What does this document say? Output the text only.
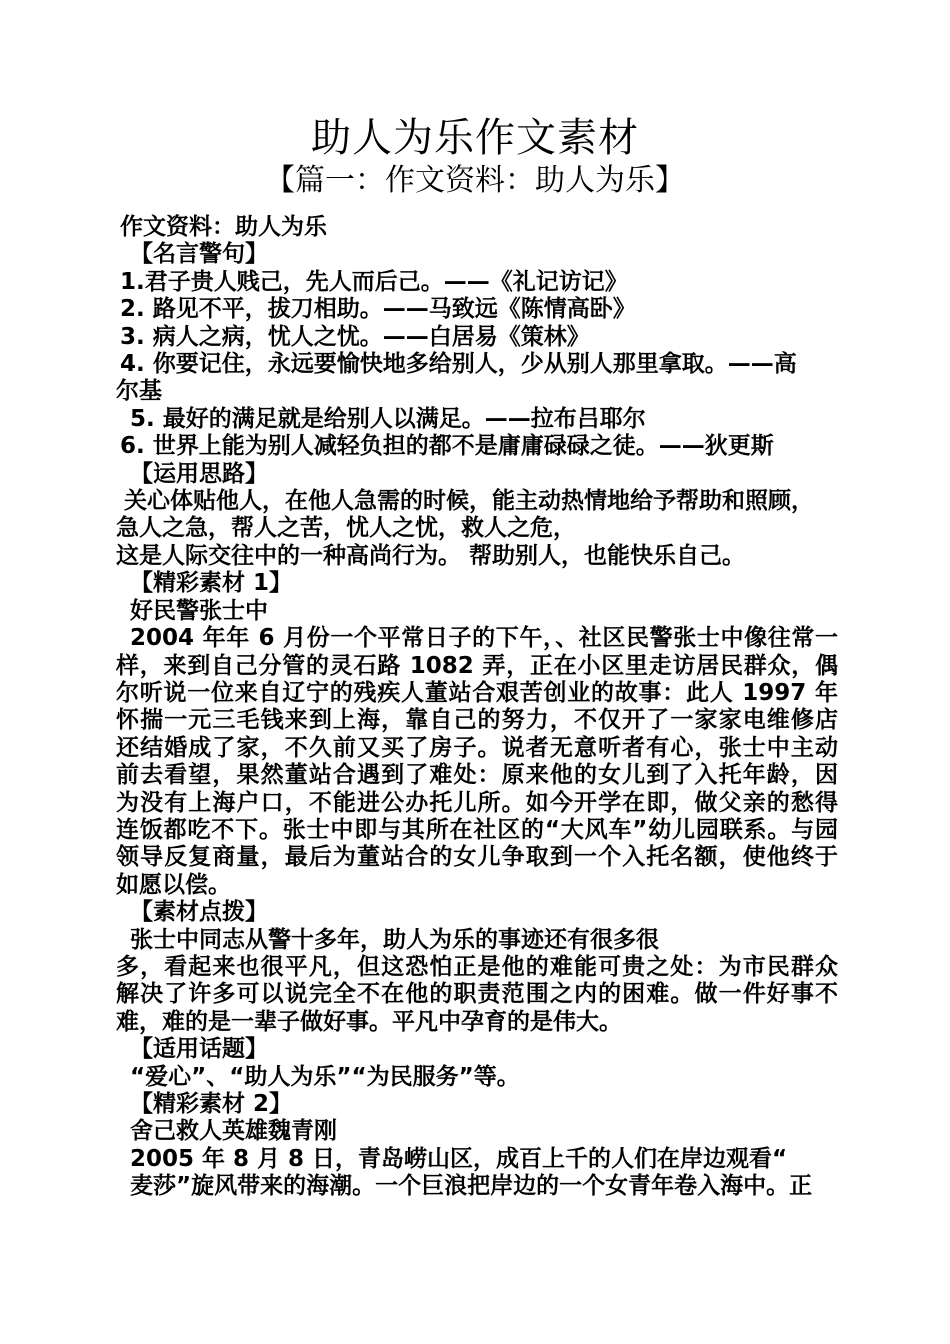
助人为乐作文素材
【篇一：作文资料：助人为乐】
作文资料：助人为乐
【名言警句】
1.君子贵人贱己，先人而后己。——《礼记访记》
2. 路见不平，拔刀相助。——马致远《陈情高卧》
3. 病人之病，忧人之忧。——白居易《策林》
4. 你要记住，永远要愉快地多给别人，少从别人那里拿取。——高
尔基
5. 最好的满足就是给别人以满足。——拉布吕耶尔
6. 世界上能为别人减轻负担的都不是庸庸碌碌之徒。——狄更斯
【运用思路】
关心体贴他人，在他人急需的时候，能主动热情地给予帮助和照顾，
急人之急，帮人之苦，忧人之忧，救人之危，
这是人际交往中的一种高尚行为。 帮助别人，也能快乐自己。
【精彩素材 1】
好民警张士中
2004 年年 6 月份一个平常日子的下午，、社区民警张士中像往常一
样，来到自己分管的灵石路 1082 弄，正在小区里走访居民群众，偶
尔听说一位来自辽宁的残疾人董站合艰苦创业的故事：此人 1997 年
怀揣一元三毛钱来到上海，靠自己的努力，不仅开了一家家电维修店
还结婚成了家，不久前又买了房子。说者无意听者有心，张士中主动
前去看望，果然董站合遇到了难处：原来他的女儿到了入托年龄，因
为没有上海户口，不能进公办托儿所。如今开学在即，做父亲的愁得
连饭都吃不下。张士中即与其所在社区的“大风车”幼儿园联系。与园
领导反复商量，最后为董站合的女儿争取到一个入托名额，使他终于
如愿以偿。
【素材点拨】
张士中同志从警十多年，助人为乐的事迹还有很多很
多，看起来也很平凡，但这恐怕正是他的难能可贵之处：为市民群众
解决了许多可以说完全不在他的职责范围之内的困难。做一件好事不
难，难的是一辈子做好事。平凡中孕育的是伟大。
【适用话题】
“爱心”、“助人为乐”“为民服务”等。
【精彩素材 2】
舍己救人英雄魏青刚
2005 年 8 月 8 日，青岛崂山区，成百上千的人们在岸边观看“
麦莎”旋风带来的海潮。一个巨浪把岸边的一个女青年卷入海中。正
